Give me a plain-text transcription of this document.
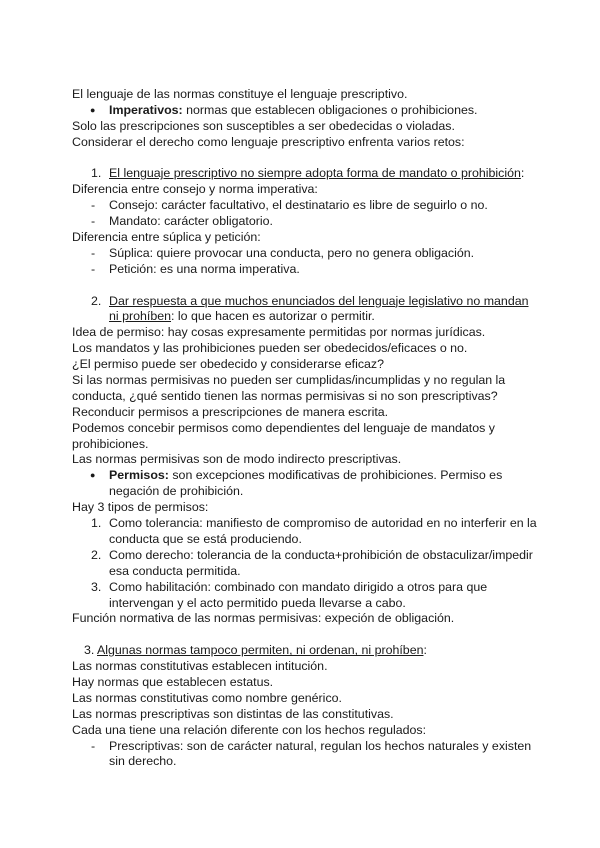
El lenguaje de las normas constituye el lenguaje prescriptivo.
● Imperativos: normas que establecen obligaciones o prohibiciones.
Solo las prescripciones son susceptibles a ser obedecidas o violadas.
Considerar el derecho como lenguaje prescriptivo enfrenta varios retos:
1. El lenguaje prescriptivo no siempre adopta forma de mandato o prohibición:
Diferencia entre consejo y norma imperativa:
- Consejo: carácter facultativo, el destinatario es libre de seguirlo o no.
- Mandato: carácter obligatorio.
Diferencia entre súplica y petición:
- Súplica: quiere provocar una conducta, pero no genera obligación.
- Petición: es una norma imperativa.
2. Dar respuesta a que muchos enunciados del lenguaje legislativo no mandan
ni prohíben: lo que hacen es autorizar o permitir.
Idea de permiso: hay cosas expresamente permitidas por normas jurídicas.
Los mandatos y las prohibiciones pueden ser obedecidos/eficaces o no.
¿El permiso puede ser obedecido y considerarse eficaz?
Si las normas permisivas no pueden ser cumplidas/incumplidas y no regulan la
conducta, ¿qué sentido tienen las normas permisivas si no son prescriptivas?
Reconducir permisos a prescripciones de manera escrita.
Podemos concebir permisos como dependientes del lenguaje de mandatos y
prohibiciones.
Las normas permisivas son de modo indirecto prescriptivas.
● Permisos: son excepciones modificativas de prohibiciones. Permiso es
negación de prohibición.
Hay 3 tipos de permisos:
1. Como tolerancia: manifiesto de compromiso de autoridad en no interferir en la
conducta que se está produciendo.
2. Como derecho: tolerancia de la conducta+prohibición de obstaculizar/impedir
esa conducta permitida.
3. Como habilitación: combinado con mandato dirigido a otros para que
intervengan y el acto permitido pueda llevarse a cabo.
Función normativa de las normas permisivas: expeción de obligación.
3. Algunas normas tampoco permiten, ni ordenan, ni prohíben:
Las normas constitutivas establecen intitución.
Hay normas que establecen estatus.
Las normas constitutivas como nombre genérico.
Las normas prescriptivas son distintas de las constitutivas.
Cada una tiene una relación diferente con los hechos regulados:
- Prescriptivas: son de carácter natural, regulan los hechos naturales y existen
sin derecho.
